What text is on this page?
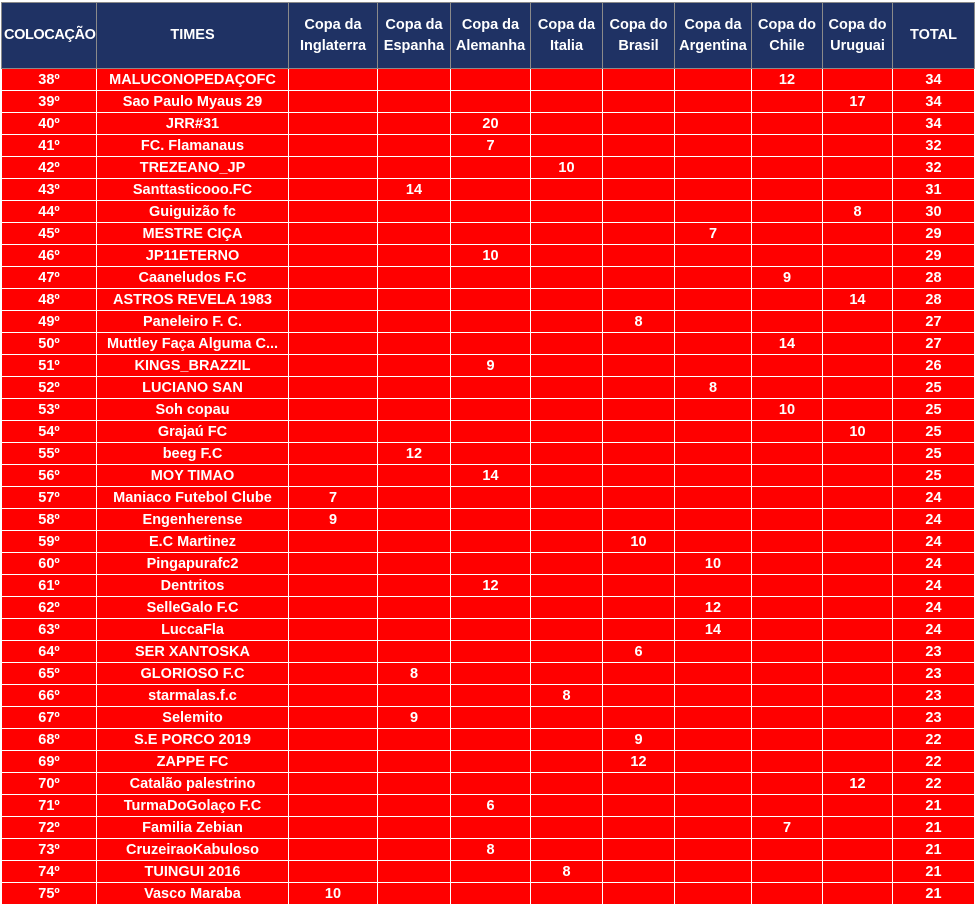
COLOCAÇÃO	TIMES	Copa da Inglaterra	Copa da Espanha	Copa da Alemanha	Copa da Italia	Copa do Brasil	Copa da Argentina	Copa do Chile	Copa do Uruguai	TOTAL
38º	MALUCONOPEDAÇOFC							12		34
39º	Sao Paulo Myaus 29								17	34
40º	JRR#31			20						34
41º	FC. Flamanaus			7						32
42º	TREZEANO_JP				10					32
43º	Santtasticooo.FC		14							31
44º	Guiguizão fc								8	30
45º	MESTRE CIÇA						7			29
46º	JP11ETERNO			10						29
47º	Caaneludos F.C							9		28
48º	ASTROS REVELA 1983								14	28
49º	Paneleiro F. C.					8				27
50º	Muttley Faça Alguma C...							14		27
51º	KINGS_BRAZZIL			9						26
52º	LUCIANO SAN						8			25
53º	Soh copau							10		25
54º	Grajaú FC								10	25
55º	beeg F.C		12							25
56º	MOY TIMAO			14						25
57º	Maniaco Futebol Clube	7								24
58º	Engenherense	9								24
59º	E.C Martinez					10				24
60º	Pingapurafc2						10			24
61º	Dentritos			12						24
62º	SelleGalo F.C						12			24
63º	LuccaFla						14			24
64º	SER XANTOSKA					6				23
65º	GLORIOSO F.C		8							23
66º	starmalas.f.c				8					23
67º	Selemito		9							23
68º	S.E PORCO 2019					9				22
69º	ZAPPE FC					12				22
70º	Catalão palestrino								12	22
71º	TurmaDoGolaço F.C			6						21
72º	Familia Zebian							7		21
73º	CruzeiraoKabuloso			8						21
74º	TUINGUI 2016				8					21
75º	Vasco Maraba	10								21
